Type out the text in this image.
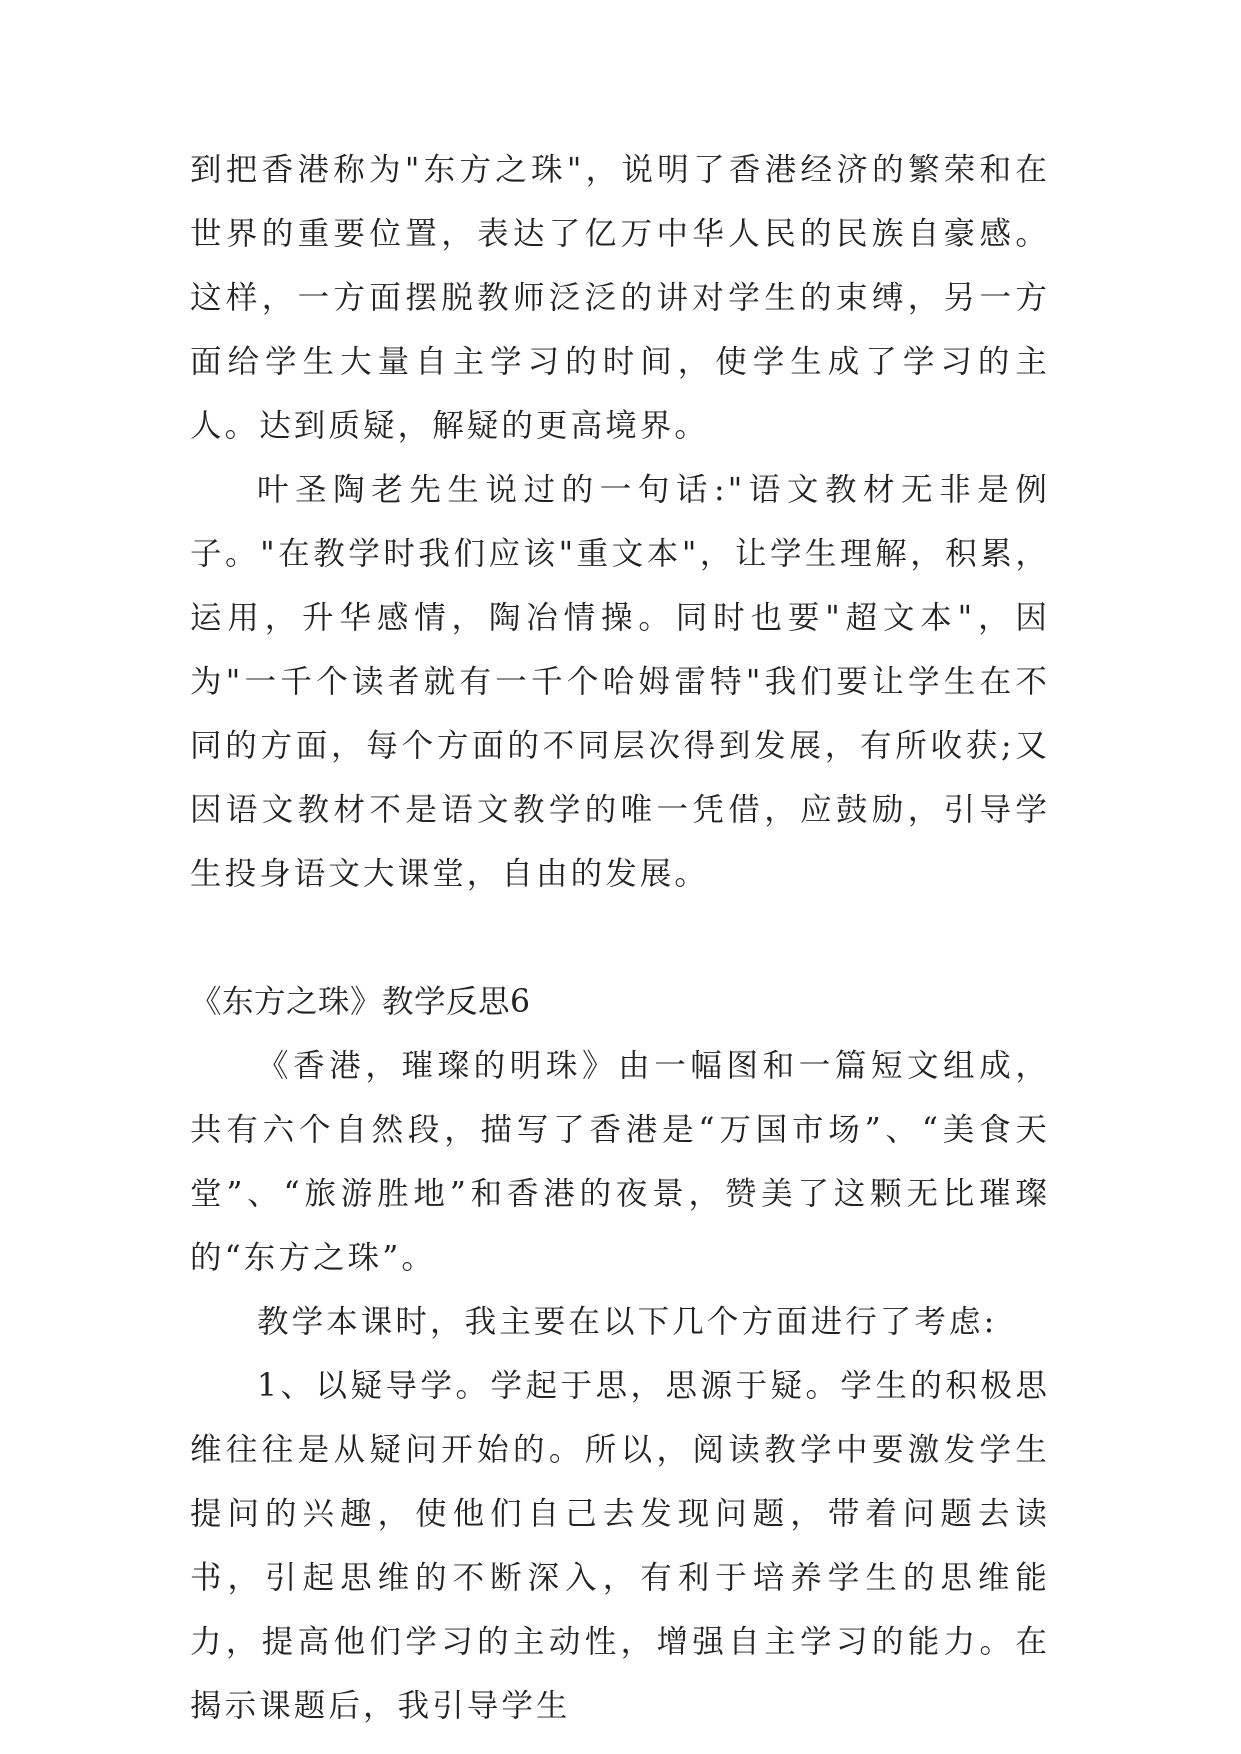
到把香港称为"东方之珠"，说明了香港经济的繁荣和在世界的重要位置，表达了亿万中华人民的民族自豪感。这样，一方面摆脱教师泛泛的讲对学生的束缚，另一方面给学生大量自主学习的时间，使学生成了学习的主人。达到质疑，解疑的更高境界。

叶圣陶老先生说过的一句话:"语文教材无非是例子。"在教学时我们应该"重文本"，让学生理解，积累，运用，升华感情，陶冶情操。同时也要"超文本"，因为"一千个读者就有一千个哈姆雷特"我们要让学生在不同的方面，每个方面的不同层次得到发展，有所收获;又因语文教材不是语文教学的唯一凭借，应鼓励，引导学生投身语文大课堂，自由的发展。

《东方之珠》教学反思6

《香港，璀璨的明珠》由一幅图和一篇短文组成，共有六个自然段，描写了香港是“万国市场”、“美食天堂”、“旅游胜地”和香港的夜景，赞美了这颗无比璀璨的“东方之珠”。

教学本课时，我主要在以下几个方面进行了考虑:

1、以疑导学。学起于思，思源于疑。学生的积极思维往往是从疑问开始的。所以，阅读教学中要激发学生提问的兴趣，使他们自己去发现问题，带着问题去读书，引起思维的不断深入，有利于培养学生的思维能力，提高他们学习的主动性，增强自主学习的能力。在揭示课题后，我引导学生
